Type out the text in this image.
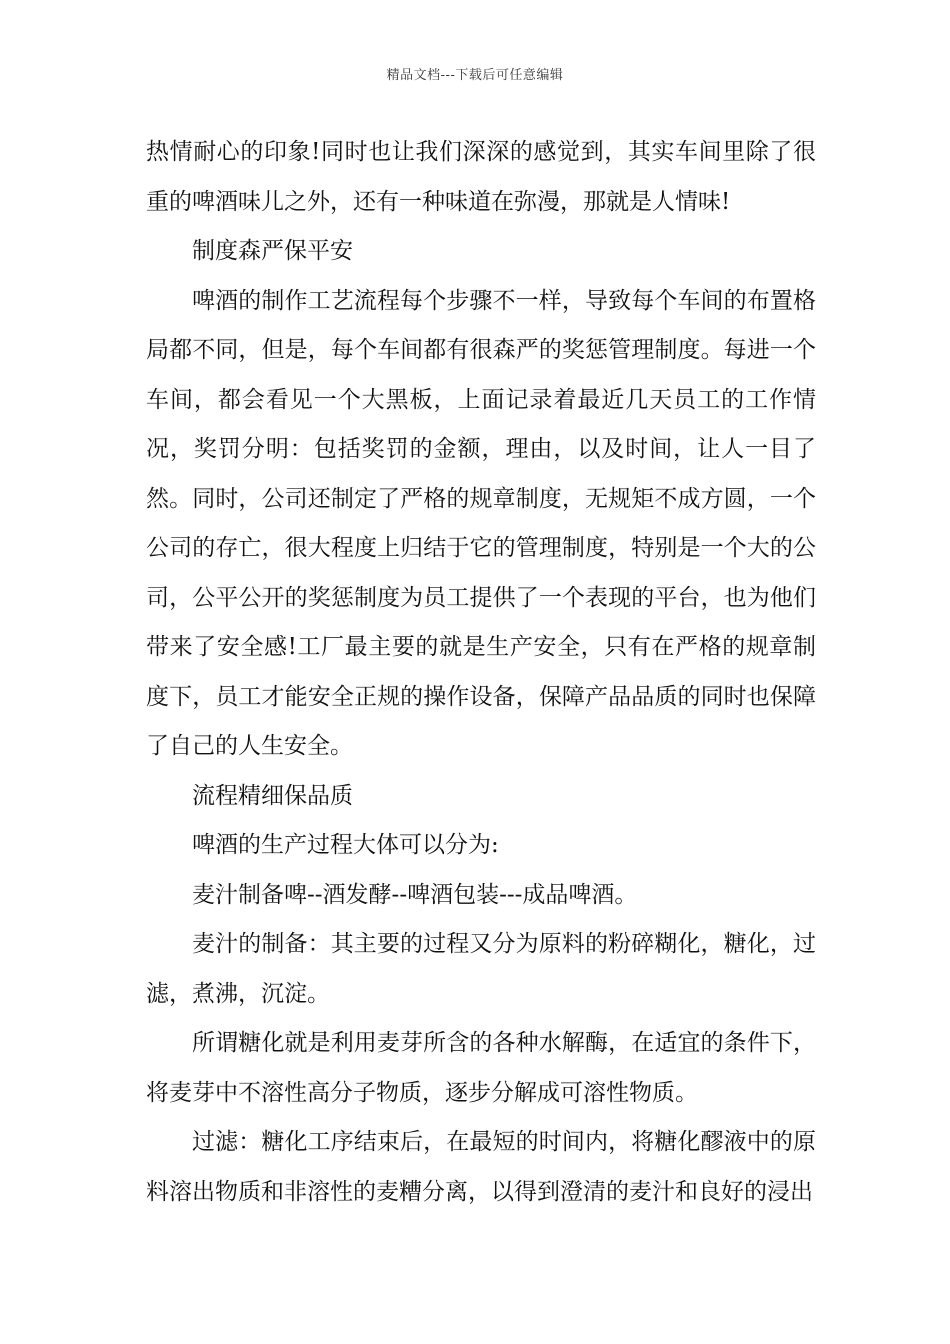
精品文档---下载后可任意编辑

热情耐心的印象!同时也让我们深深的感觉到，其实车间里除了很重的啤酒味儿之外，还有一种味道在弥漫，那就是人情味!

制度森严保平安

啤酒的制作工艺流程每个步骤不一样，导致每个车间的布置格局都不同，但是，每个车间都有很森严的奖惩管理制度。每进一个车间，都会看见一个大黑板，上面记录着最近几天员工的工作情况，奖罚分明：包括奖罚的金额，理由，以及时间，让人一目了然。同时，公司还制定了严格的规章制度，无规矩不成方圆，一个公司的存亡，很大程度上归结于它的管理制度，特别是一个大的公司，公平公开的奖惩制度为员工提供了一个表现的平台，也为他们带来了安全感!工厂最主要的就是生产安全，只有在严格的规章制度下，员工才能安全正规的操作设备，保障产品品质的同时也保障了自己的人生安全。

流程精细保品质

啤酒的生产过程大体可以分为:

麦汁制备啤--酒发酵--啤酒包装---成品啤酒。

麦汁的制备：其主要的过程又分为原料的粉碎糊化，糖化，过滤，煮沸，沉淀。

所谓糖化就是利用麦芽所含的各种水解酶，在适宜的条件下，将麦芽中不溶性高分子物质，逐步分解成可溶性物质。

过滤：糖化工序结束后，在最短的时间内，将糖化醪液中的原料溶出物质和非溶性的麦糟分离，以得到澄清的麦汁和良好的浸出
